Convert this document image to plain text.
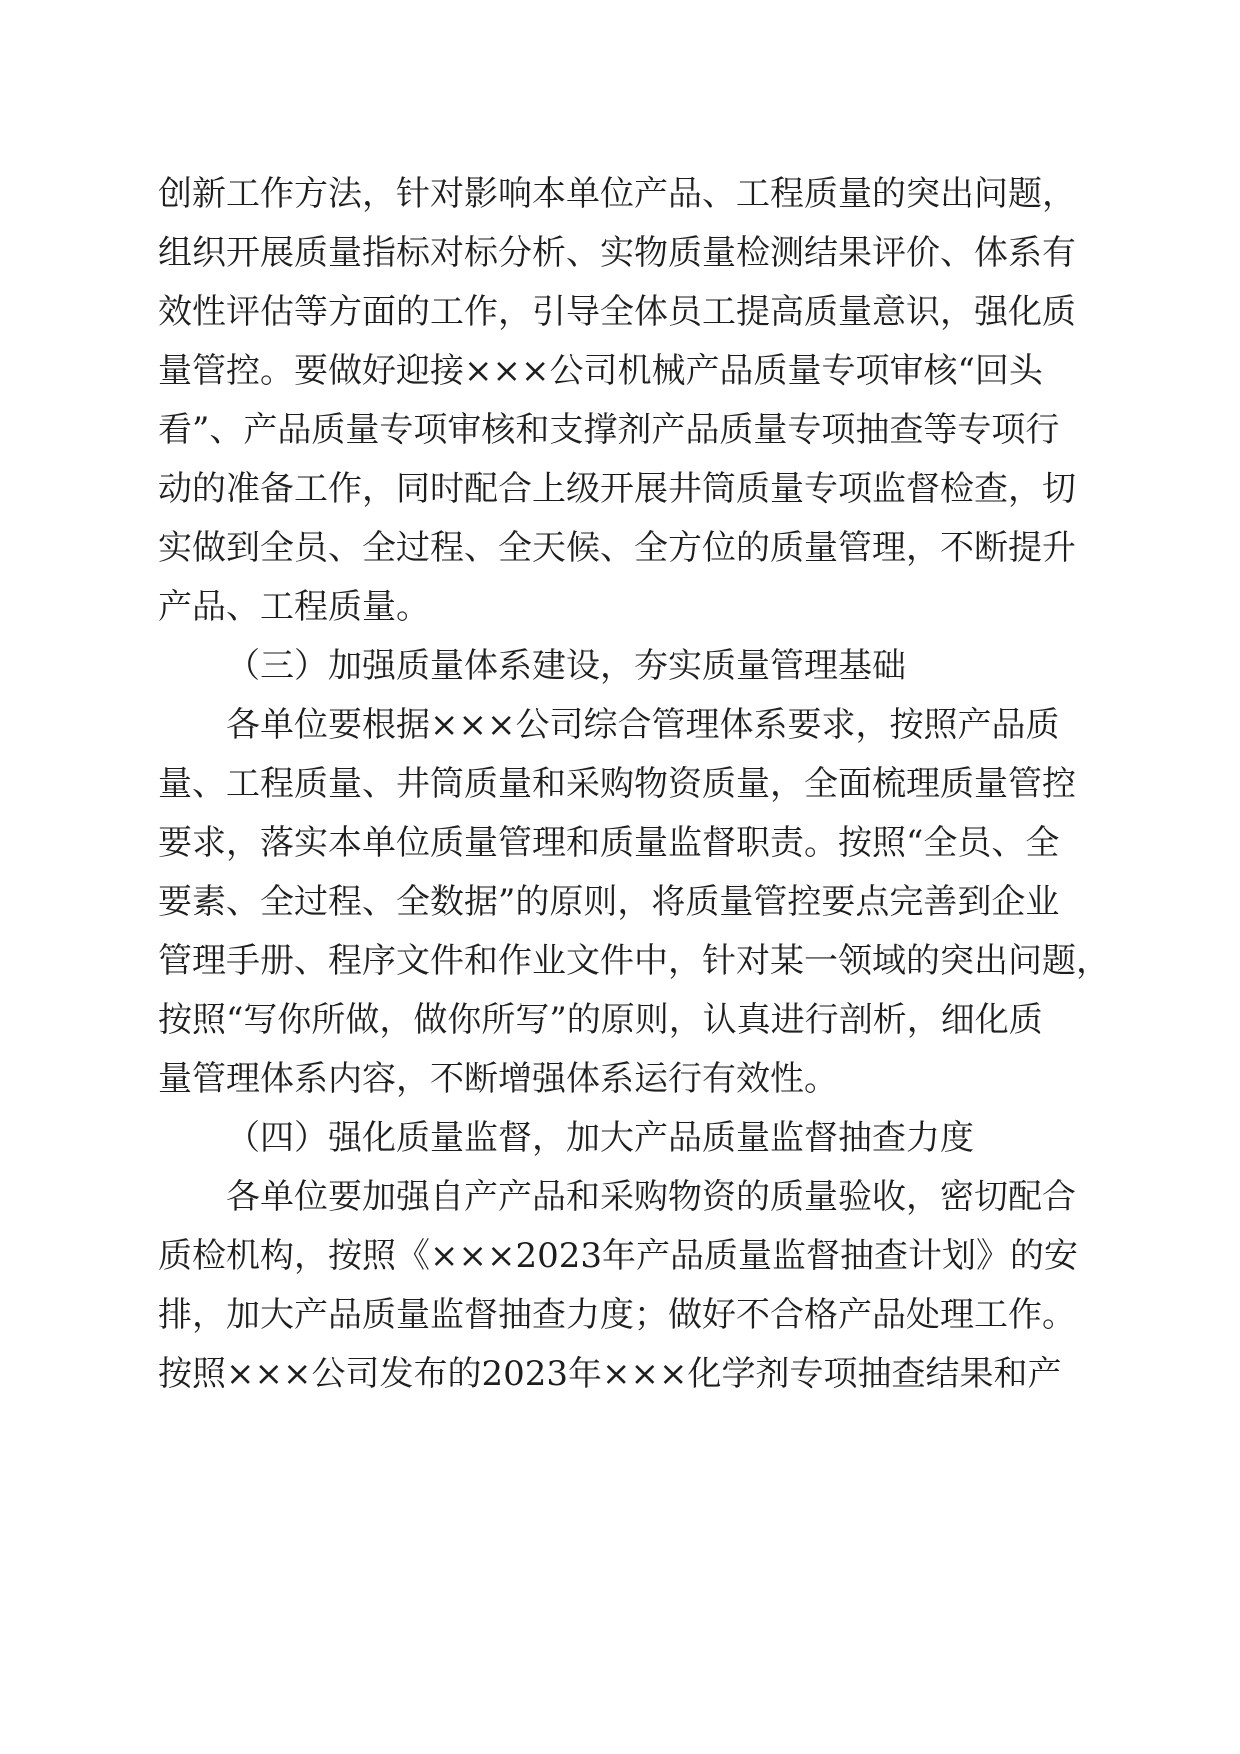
创新工作方法，针对影响本单位产品、工程质量的突出问题，
组织开展质量指标对标分析、实物质量检测结果评价、体系有
效性评估等方面的工作，引导全体员工提高质量意识，强化质
量管控。要做好迎接×××公司机械产品质量专项审核“回头
看”、产品质量专项审核和支撑剂产品质量专项抽查等专项行
动的准备工作，同时配合上级开展井筒质量专项监督检查，切
实做到全员、全过程、全天候、全方位的质量管理，不断提升
产品、工程质量。
（三）加强质量体系建设，夯实质量管理基础
各单位要根据×××公司综合管理体系要求，按照产品质
量、工程质量、井筒质量和采购物资质量，全面梳理质量管控
要求，落实本单位质量管理和质量监督职责。按照“全员、全
要素、全过程、全数据”的原则，将质量管控要点完善到企业
管理手册、程序文件和作业文件中，针对某一领域的突出问题，
按照“写你所做，做你所写”的原则，认真进行剖析，细化质
量管理体系内容，不断增强体系运行有效性。
（四）强化质量监督，加大产品质量监督抽查力度
各单位要加强自产产品和采购物资的质量验收，密切配合
质检机构，按照《×××2023年产品质量监督抽查计划》的安
排，加大产品质量监督抽查力度；做好不合格产品处理工作。
按照×××公司发布的2023年×××化学剂专项抽查结果和产
